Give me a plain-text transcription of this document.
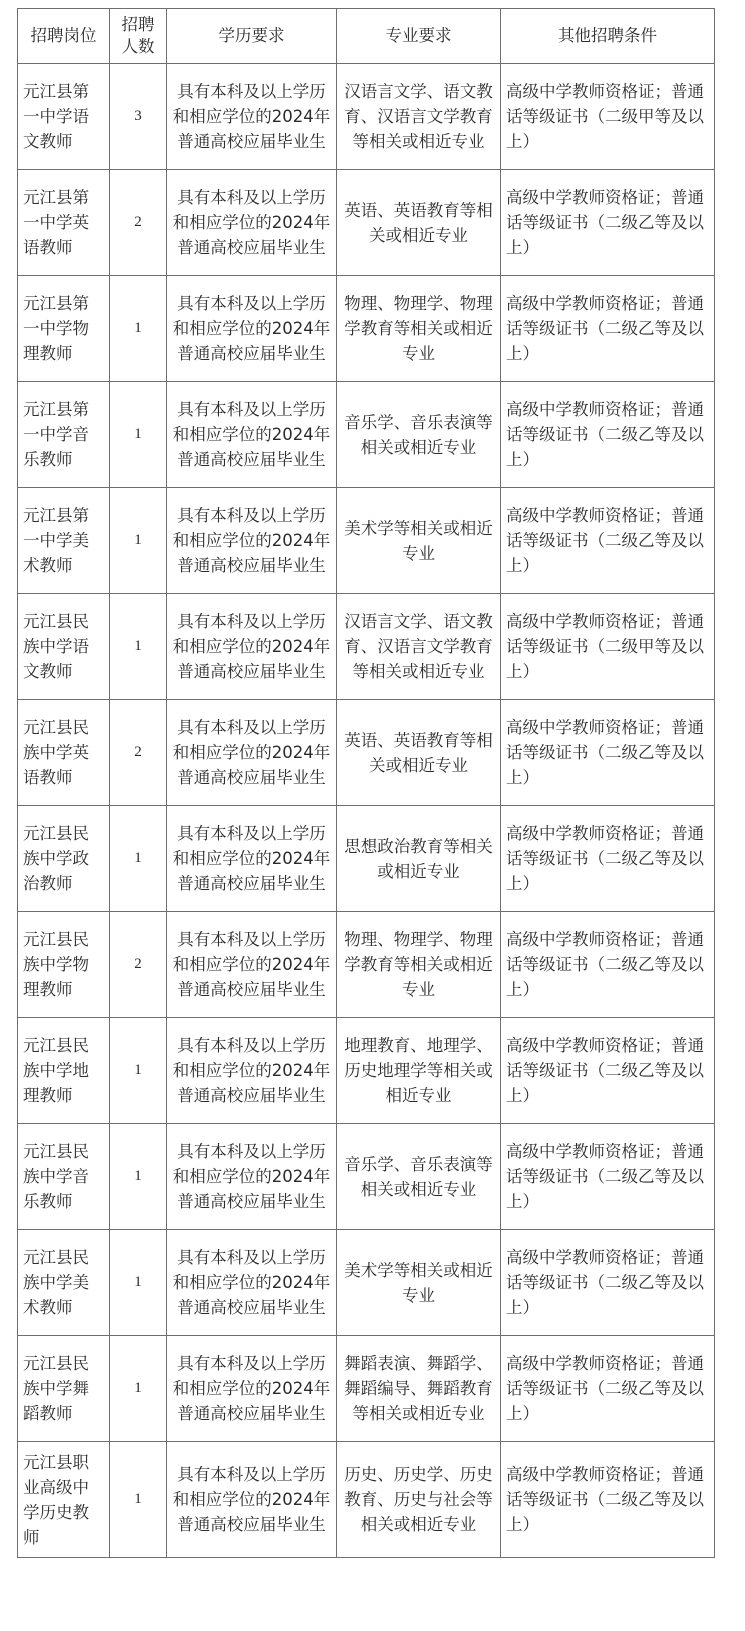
招聘岗位	招聘人数	学历要求	专业要求	其他招聘条件
元江县第一中学语文教师	3	具有本科及以上学历和相应学位的2024年普通高校应届毕业生	汉语言文学、语文教育、汉语言文学教育等相关或相近专业	高级中学教师资格证；普通话等级证书（二级甲等及以上）
元江县第一中学英语教师	2	具有本科及以上学历和相应学位的2024年普通高校应届毕业生	英语、英语教育等相关或相近专业	高级中学教师资格证；普通话等级证书（二级乙等及以上）
元江县第一中学物理教师	1	具有本科及以上学历和相应学位的2024年普通高校应届毕业生	物理、物理学、物理学教育等相关或相近专业	高级中学教师资格证；普通话等级证书（二级乙等及以上）
元江县第一中学音乐教师	1	具有本科及以上学历和相应学位的2024年普通高校应届毕业生	音乐学、音乐表演等相关或相近专业	高级中学教师资格证；普通话等级证书（二级乙等及以上）
元江县第一中学美术教师	1	具有本科及以上学历和相应学位的2024年普通高校应届毕业生	美术学等相关或相近专业	高级中学教师资格证；普通话等级证书（二级乙等及以上）
元江县民族中学语文教师	1	具有本科及以上学历和相应学位的2024年普通高校应届毕业生	汉语言文学、语文教育、汉语言文学教育等相关或相近专业	高级中学教师资格证；普通话等级证书（二级甲等及以上）
元江县民族中学英语教师	2	具有本科及以上学历和相应学位的2024年普通高校应届毕业生	英语、英语教育等相关或相近专业	高级中学教师资格证；普通话等级证书（二级乙等及以上）
元江县民族中学政治教师	1	具有本科及以上学历和相应学位的2024年普通高校应届毕业生	思想政治教育等相关或相近专业	高级中学教师资格证；普通话等级证书（二级乙等及以上）
元江县民族中学物理教师	2	具有本科及以上学历和相应学位的2024年普通高校应届毕业生	物理、物理学、物理学教育等相关或相近专业	高级中学教师资格证；普通话等级证书（二级乙等及以上）
元江县民族中学地理教师	1	具有本科及以上学历和相应学位的2024年普通高校应届毕业生	地理教育、地理学、历史地理学等相关或相近专业	高级中学教师资格证；普通话等级证书（二级乙等及以上）
元江县民族中学音乐教师	1	具有本科及以上学历和相应学位的2024年普通高校应届毕业生	音乐学、音乐表演等相关或相近专业	高级中学教师资格证；普通话等级证书（二级乙等及以上）
元江县民族中学美术教师	1	具有本科及以上学历和相应学位的2024年普通高校应届毕业生	美术学等相关或相近专业	高级中学教师资格证；普通话等级证书（二级乙等及以上）
元江县民族中学舞蹈教师	1	具有本科及以上学历和相应学位的2024年普通高校应届毕业生	舞蹈表演、舞蹈学、舞蹈编导、舞蹈教育等相关或相近专业	高级中学教师资格证；普通话等级证书（二级乙等及以上）
元江县职业高级中学历史教师	1	具有本科及以上学历和相应学位的2024年普通高校应届毕业生	历史、历史学、历史教育、历史与社会等相关或相近专业	高级中学教师资格证；普通话等级证书（二级乙等及以上）
